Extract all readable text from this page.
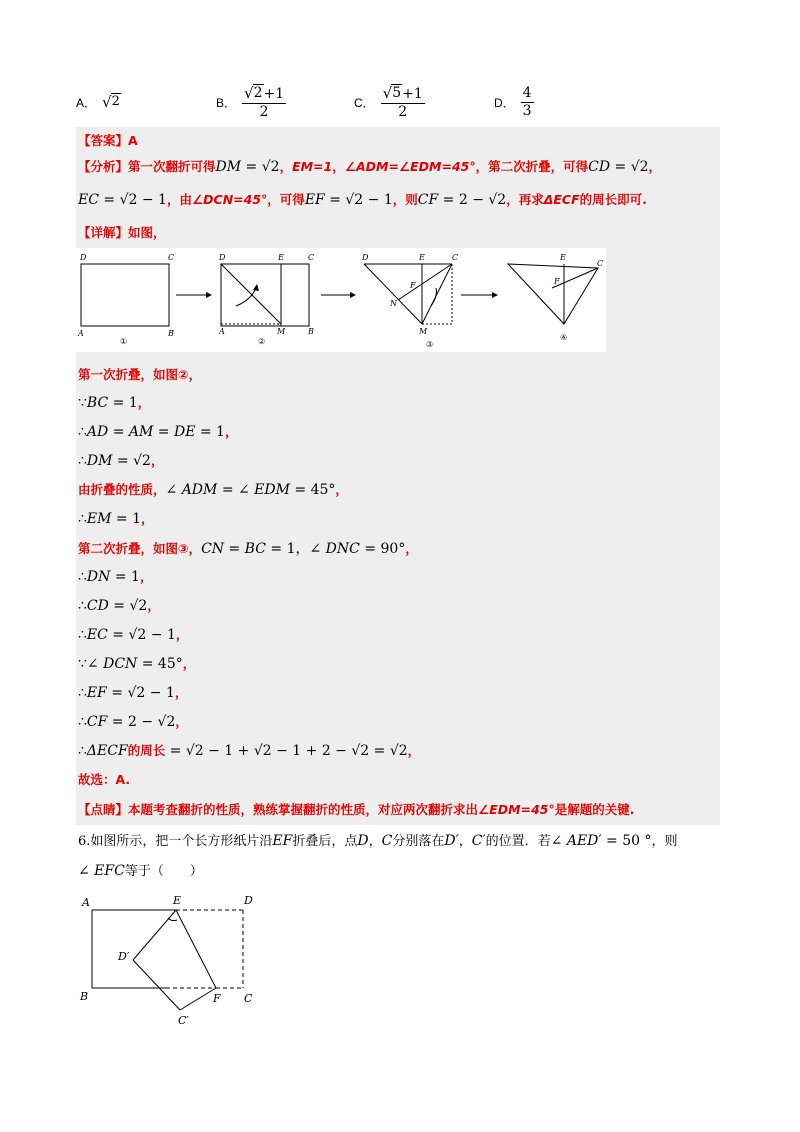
A． √ 2	B． $\frac{√ 2 +1}{2}$	C． $\frac{√ 5 +1}{2}$	D． $\frac{4}{3}$
【答案】A
【分析】第一次翻折可得DM = √2，EM=1，∠ADM=∠EDM=45°，第二次折叠，可得CD = √2，
EC = √2 − 1，由∠DCN=45°，可得EF = √2 − 1，则CF = 2 − √2，再求ΔECF的周长即可.
【详解】如图，
D	C
A	B
①
D	E	C
A	M	B
②
D	E	C
F
N
M
③
E
C
F
④
第一次折叠，如图②，
∵BC = 1，
∴AD = AM = DE = 1，
∴DM = √2，
由折叠的性质，∠ ADM = ∠ EDM = 45°，
∴EM = 1，
第二次折叠，如图③，CN = BC = 1，∠ DNC = 90°，
∴DN = 1，
∴CD = √2，
∴EC = √2 − 1，
∵∠ DCN = 45°，
∴EF = √2 − 1，
∴CF = 2 − √2，
∴ΔECF的周长 = √2 − 1 + √2 − 1 + 2 − √2 = √2，
故选：A.
【点睛】本题考查翻折的性质，熟练掌握翻折的性质，对应两次翻折求出∠EDM=45°是解题的关键.
6.如图所示，把一个长方形纸片沿EF折叠后，点D，C分别落在D′，C′的位置．若∠ AED′ = 50 °，则
∠ EFC等于（　　）
A	E	D
D′
B	F C
C′
